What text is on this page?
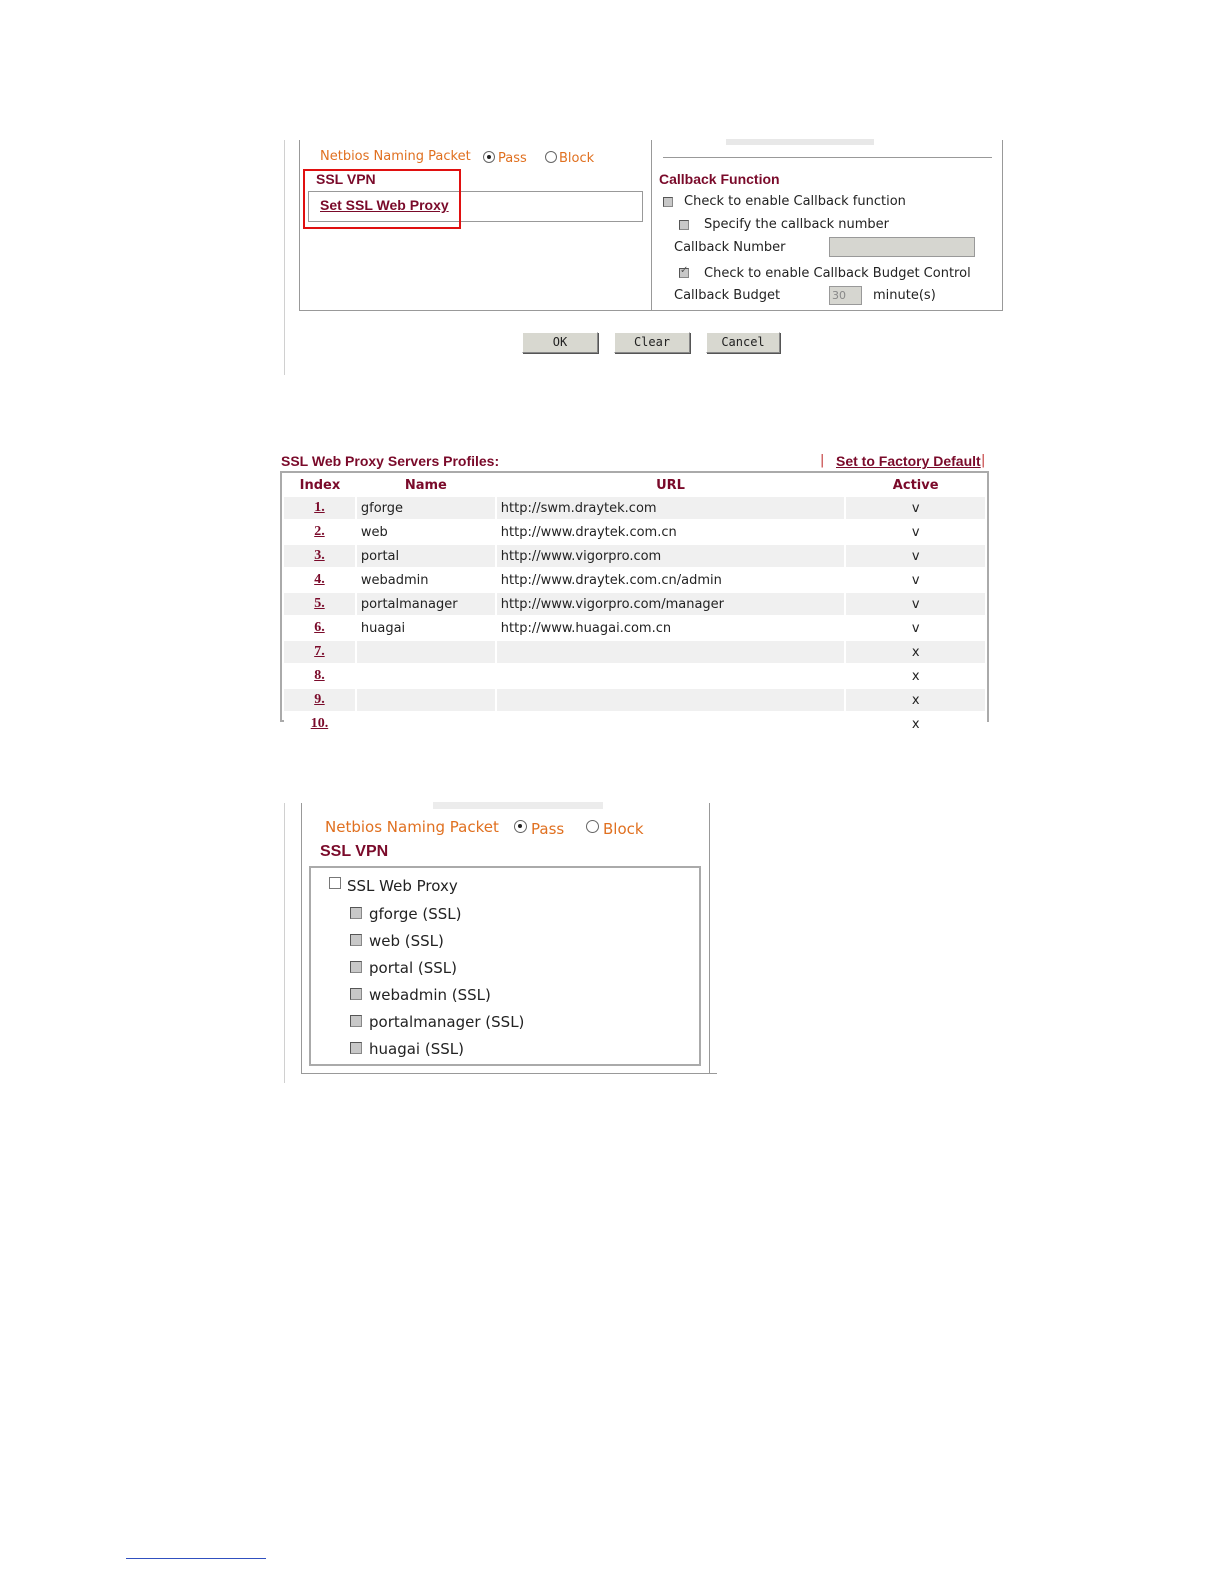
Netbios Naming Packet Pass Block
SSL VPN
Set SSL Web Proxy
Callback Function
Check to enable Callback function
Specify the callback number
Callback Number
✓
Check to enable Callback Budget Control
Callback Budget	30	minute(s)
OK	Clear	Cancel
SSL Web Proxy Servers Profiles:	| Set to Factory Default |
Index	Name	URL	Active
1.	gforge	http://swm.draytek.com	v
2.	web	http://www.draytek.com.cn	v
3.	portal	http://www.vigorpro.com	v
4.	webadmin	http://www.draytek.com.cn/admin	v
5.	portalmanager	http://www.vigorpro.com/manager	v
6.	huagai	http://www.huagai.com.cn	v
7.			x
8.			x
9.			x
10.			x
Netbios Naming Packet Pass	Block
SSL VPN
SSL Web Proxy
gforge (SSL)
web (SSL)
portal (SSL)
webadmin (SSL)
portalmanager (SSL)
huagai (SSL)
